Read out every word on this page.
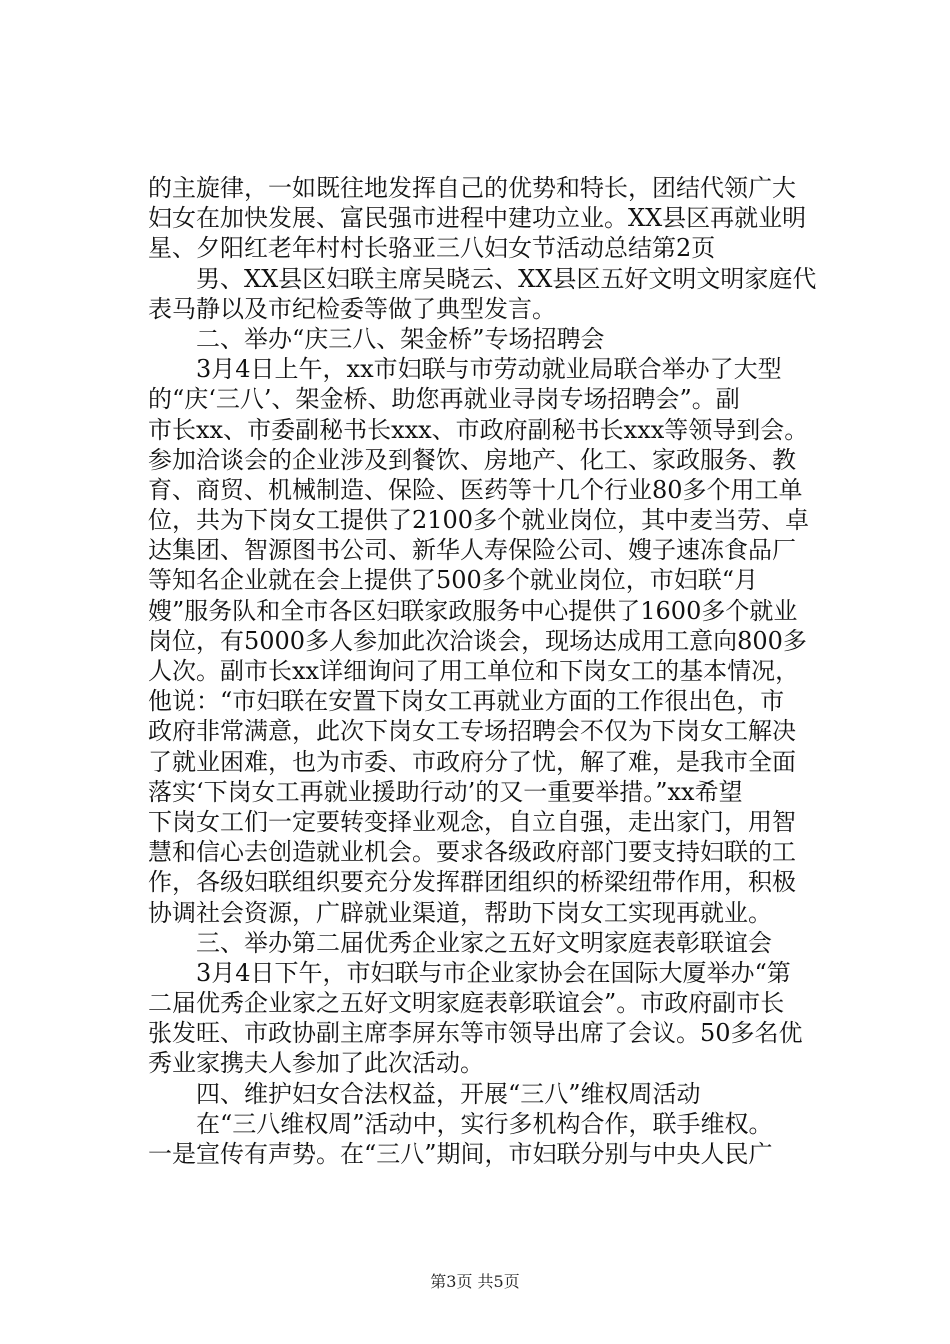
的主旋律，一如既往地发挥自己的优势和特长，团结代领广大
妇女在加快发展、富民强市进程中建功立业。XX县区再就业明
星、夕阳红老年村村长骆亚三八妇女节活动总结第2页
　　男、XX县区妇联主席吴晓云、XX县区五好文明文明家庭代
表马静以及市纪检委等做了典型发言。
　　二、举办“庆三八、架金桥”专场招聘会
　　3月4日上午，xx市妇联与市劳动就业局联合举办了大型
的“庆‘三八’、架金桥、助您再就业寻岗专场招聘会”。副
市长xx、市委副秘书长xxx、市政府副秘书长xxx等领导到会。
参加洽谈会的企业涉及到餐饮、房地产、化工、家政服务、教
育、商贸、机械制造、保险、医药等十几个行业80多个用工单
位，共为下岗女工提供了2100多个就业岗位，其中麦当劳、卓
达集团、智源图书公司、新华人寿保险公司、嫂子速冻食品厂
等知名企业就在会上提供了500多个就业岗位，市妇联“月
嫂”服务队和全市各区妇联家政服务中心提供了1600多个就业
岗位，有5000多人参加此次洽谈会，现场达成用工意向800多
人次。副市长xx详细询问了用工单位和下岗女工的基本情况，
他说：“市妇联在安置下岗女工再就业方面的工作很出色，市
政府非常满意，此次下岗女工专场招聘会不仅为下岗女工解决
了就业困难，也为市委、市政府分了忧，解了难，是我市全面
落实‘下岗女工再就业援助行动’的又一重要举措。”xx希望
下岗女工们一定要转变择业观念，自立自强，走出家门，用智
慧和信心去创造就业机会。要求各级政府部门要支持妇联的工
作，各级妇联组织要充分发挥群团组织的桥梁纽带作用，积极
协调社会资源，广辟就业渠道，帮助下岗女工实现再就业。
　　三、举办第二届优秀企业家之五好文明家庭表彰联谊会
　　3月4日下午，市妇联与市企业家协会在国际大厦举办“第
二届优秀企业家之五好文明家庭表彰联谊会”。市政府副市长
张发旺、市政协副主席李屏东等市领导出席了会议。50多名优
秀业家携夫人参加了此次活动。
　　四、维护妇女合法权益，开展“三八”维权周活动
　　在“三八维权周”活动中，实行多机构合作，联手维权。
一是宣传有声势。在“三八”期间，市妇联分别与中央人民广
第3页 共5页
